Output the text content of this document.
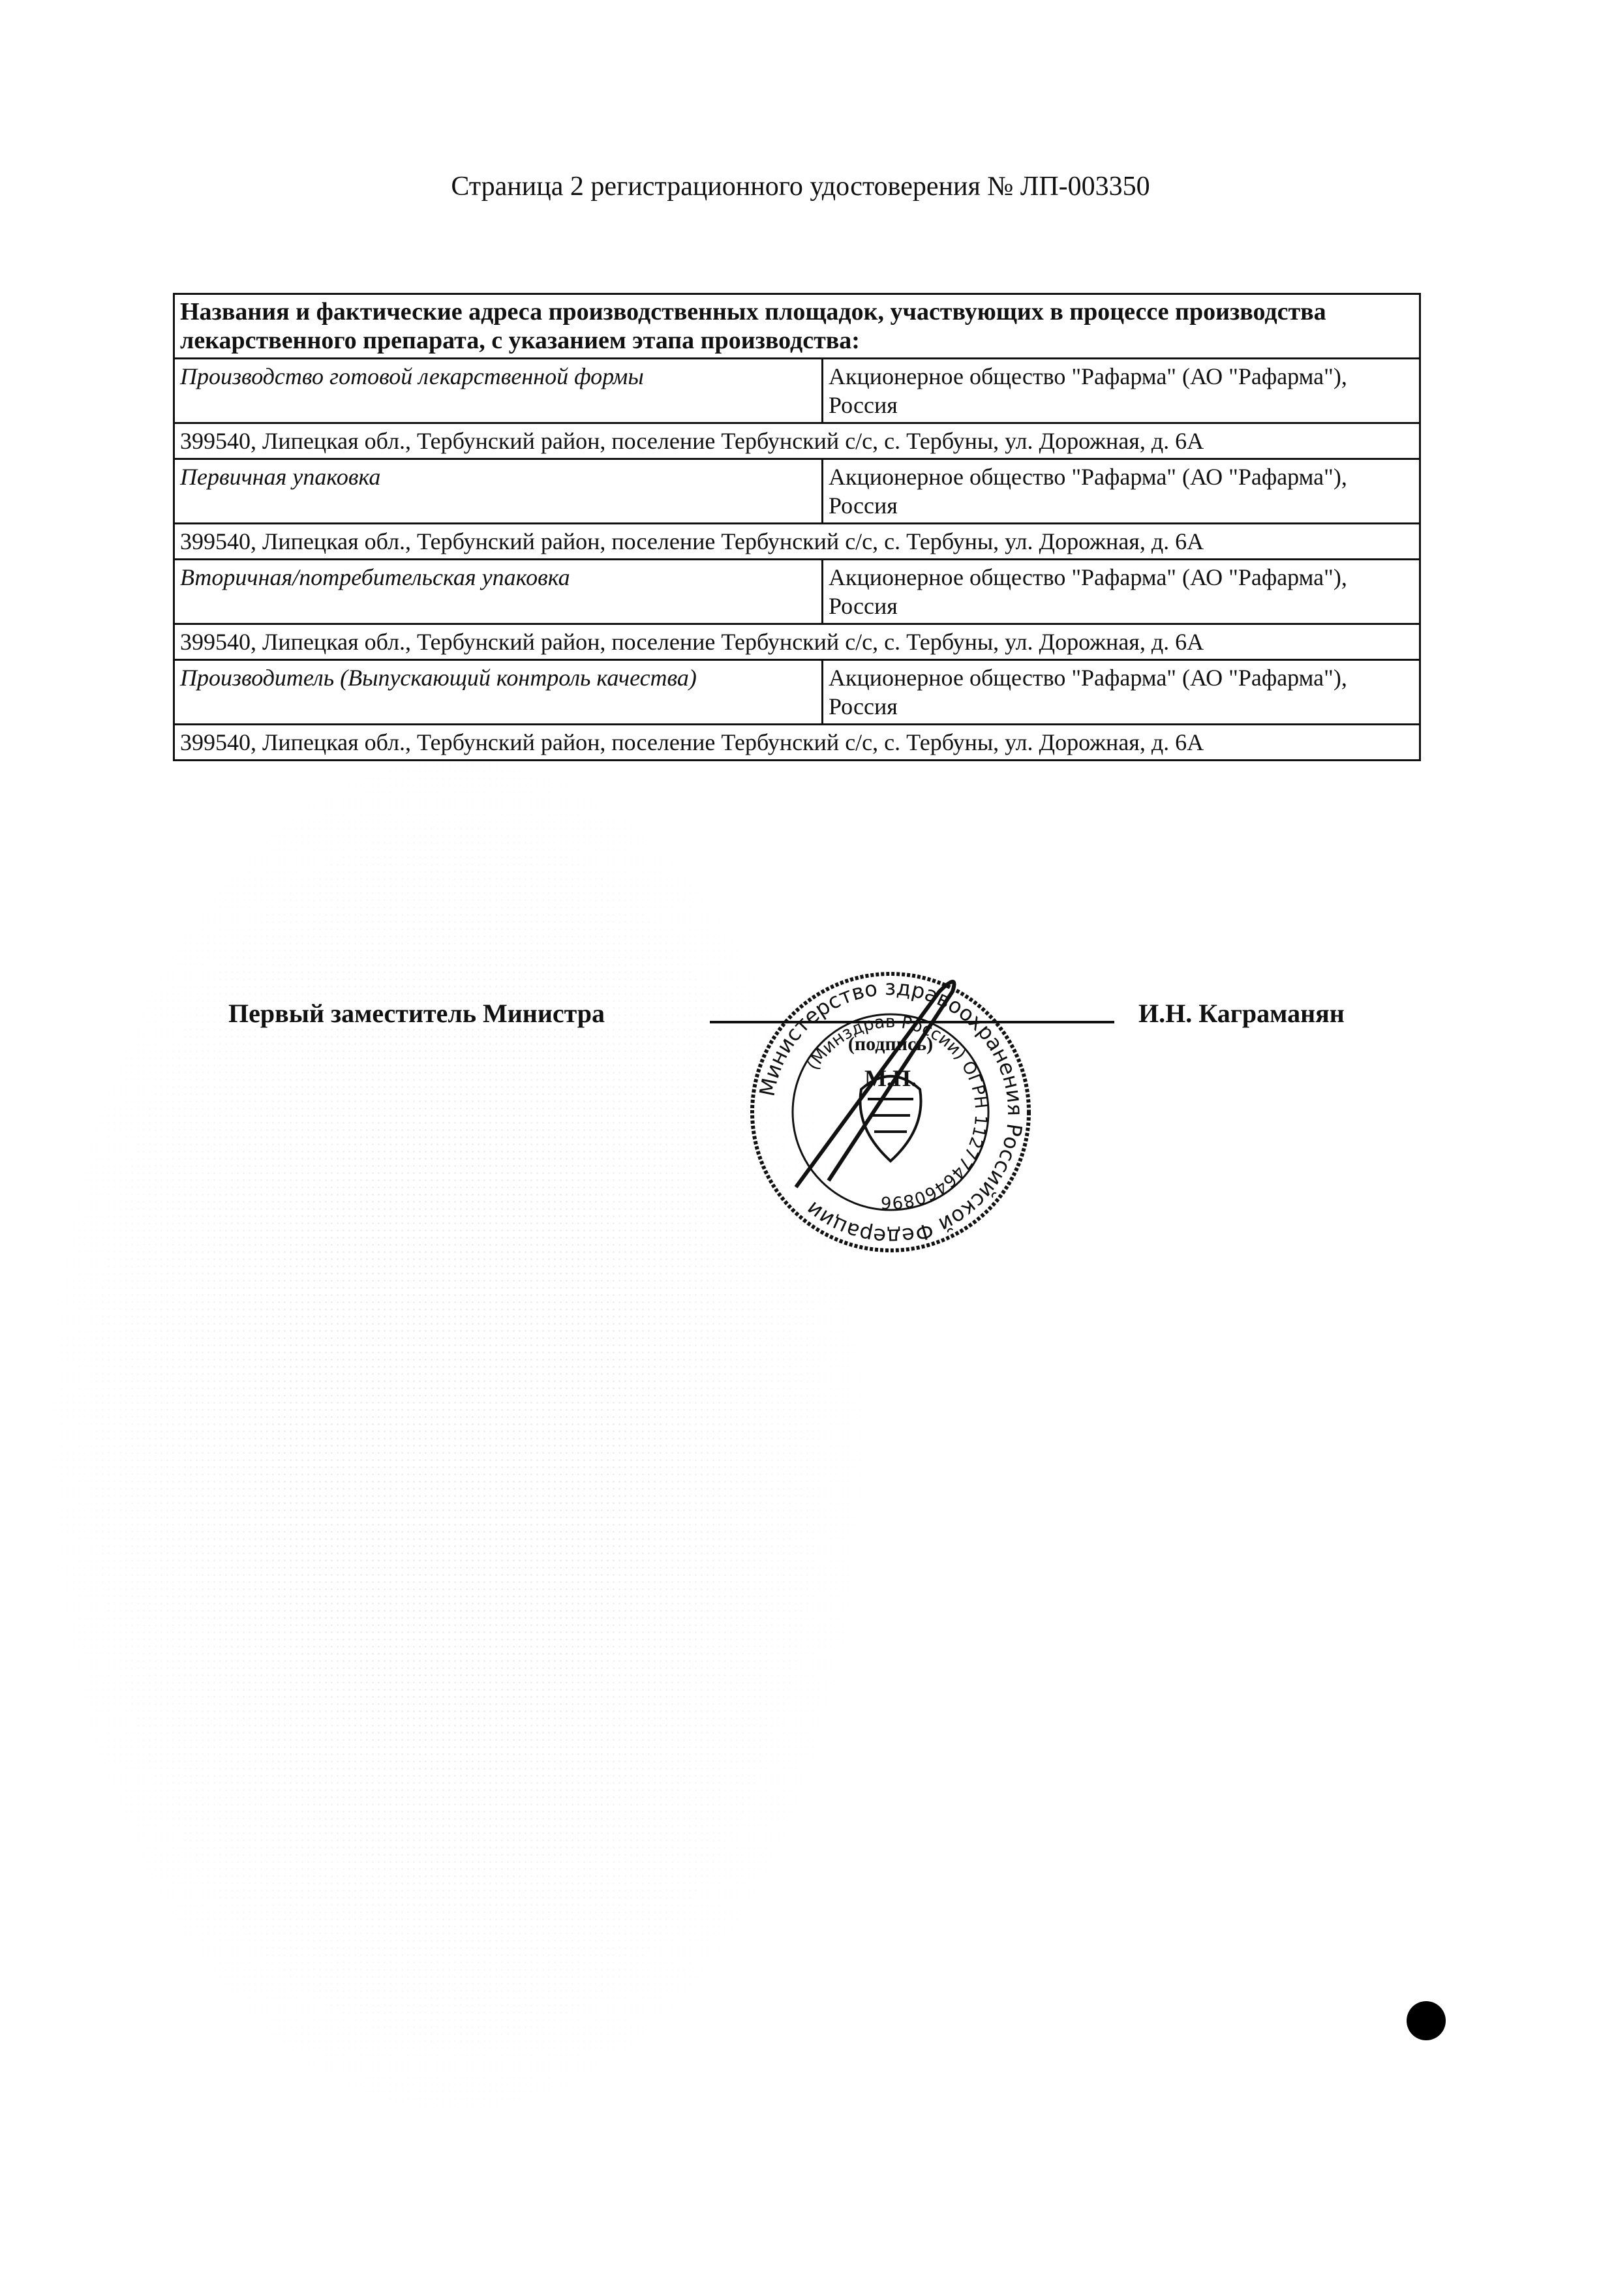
Страница 2 регистрационного удостоверения № ЛП-003350
Названия и фактические адреса производственных площадок, участвующих в процессе производства лекарственного препарата, с указанием этапа производства:	
Производство готовой лекарственной формы	Акционерное общество "Рафарма" (АО "Рафарма"), Россия
399540, Липецкая обл., Тербунский район, поселение Тербунский с/с, с. Тербуны, ул. Дорожная, д. 6А	
Первичная упаковка	Акционерное общество "Рафарма" (АО "Рафарма"), Россия
399540, Липецкая обл., Тербунский район, поселение Тербунский с/с, с. Тербуны, ул. Дорожная, д. 6А	
Вторичная/потребительская упаковка	Акционерное общество "Рафарма" (АО "Рафарма"), Россия
399540, Липецкая обл., Тербунский район, поселение Тербунский с/с, с. Тербуны, ул. Дорожная, д. 6А	
Производитель (Выпускающий контроль качества)	Акционерное общество "Рафарма" (АО "Рафарма"), Россия
399540, Липецкая обл., Тербунский район, поселение Тербунский с/с, с. Тербуны, ул. Дорожная, д. 6А	
Первый заместитель Министра	И.Н. Каграманян
Министерство здравоохранения Российской Федерации
(Минздрав России) ОГРН 1127746460896
(подпись)
М.П.
